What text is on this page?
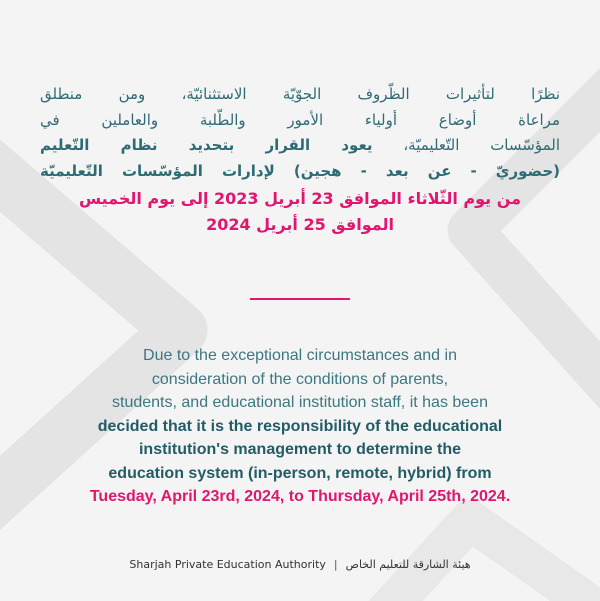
نظرًا لتأثيرات الظّروف الجوّيّة الاستثنائيّة، ومن منطلق
مراعاة أوضاع أولياء الأمور والطّلبة والعاملين في
المؤسّسات التّعليميّة، يعود القرار بتحديد نظام التّعليم
(حضوريّ - عن بعد - هجين) لإدارات المؤسّسات التّعليميّة
من يوم الثّلاثاء الموافق 23 أبريل 2023 إلى يوم الخميس
الموافق 25 أبريل 2024
Due to the exceptional circumstances and in
consideration of the conditions of parents,
students, and educational institution staff, it has been
decided that it is the responsibility of the educational
institution's management to determine the
education system (in-person, remote, hybrid) from
Tuesday, April 23rd, 2024, to Thursday, April 25th, 2024.
Sharjah Private Education Authority | هيئة الشارقة للتعليم الخاص
